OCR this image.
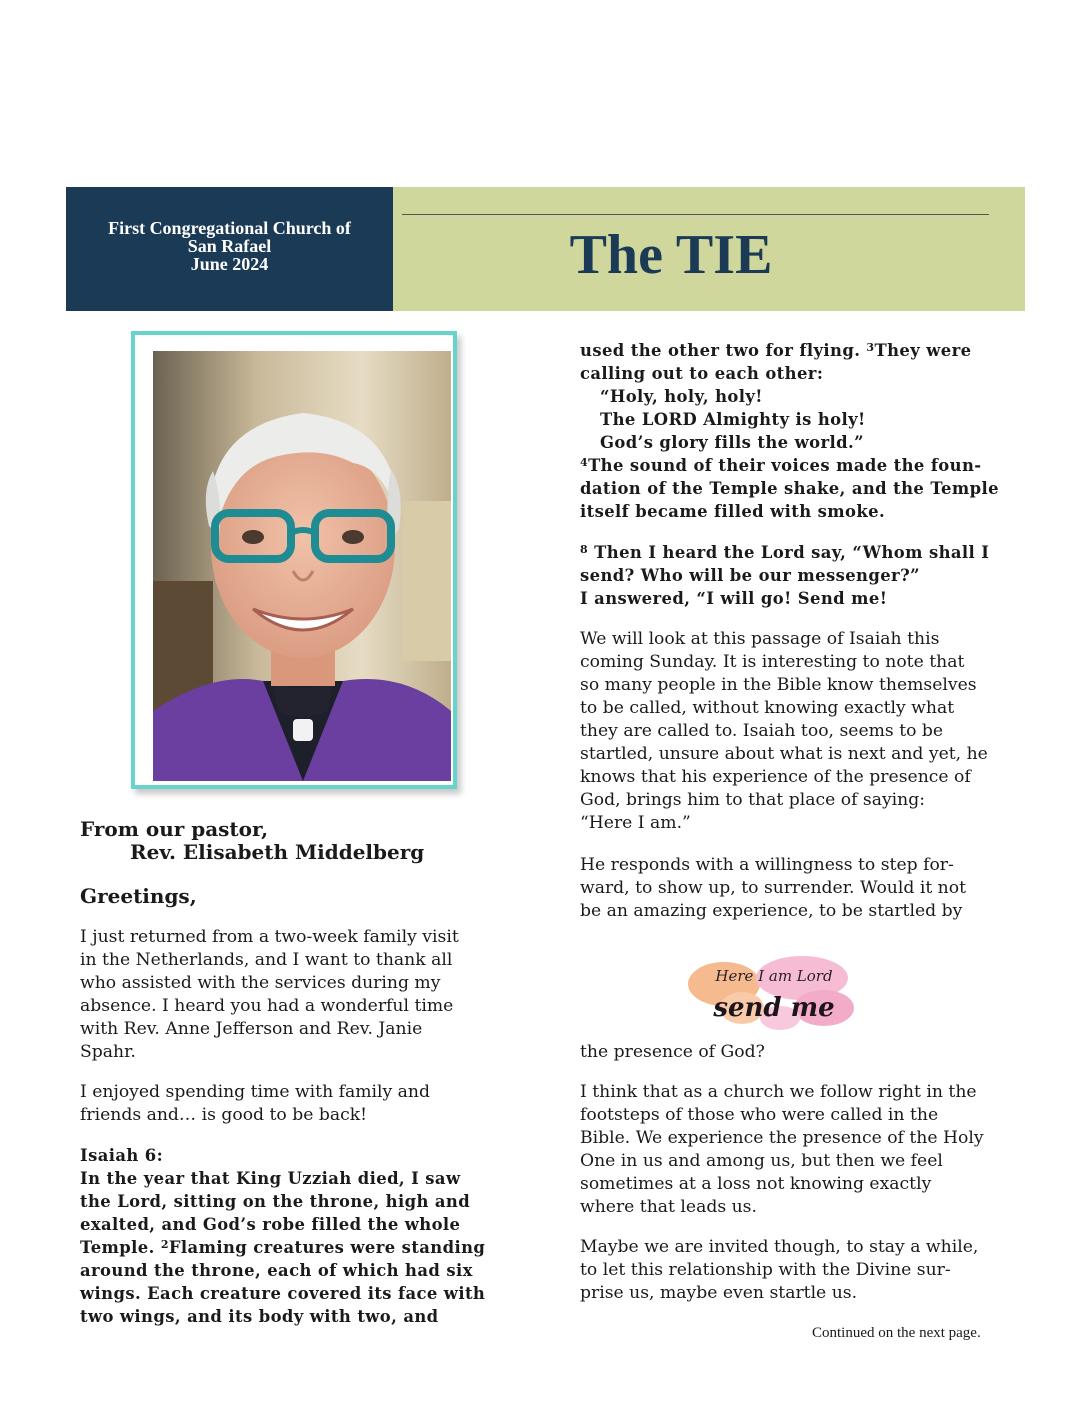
First Congregational Church of
San Rafael
June 2024	The TIE
From our pastor,
Rev. Elisabeth Middelberg
Greetings,
I just returned from a two-week family visit
in the Netherlands, and I want to thank all
who assisted with the services during my
absence. I heard you had a wonderful time
with Rev. Anne Jefferson and Rev. Janie
Spahr.
I enjoyed spending time with family and
friends and… is good to be back!
Isaiah 6:
In the year that King Uzziah died, I saw
the Lord, sitting on the throne, high and
exalted, and God’s robe filled the whole
Temple. $^2$Flaming creatures were standing
around the throne, each of which had six
wings. Each creature covered its face with
two wings, and its body with two, and
used the other two for flying. $^3$They were
calling out to each other:
“Holy, holy, holy!
The LORD Almighty is holy!
God’s glory fills the world.”
$^4$The sound of their voices made the foun-
dation of the Temple shake, and the Temple
itself became filled with smoke.
$^8$ Then I heard the Lord say, “Whom shall I
send? Who will be our messenger?”
I answered, “I will go! Send me!
We will look at this passage of Isaiah this
coming Sunday. It is interesting to note that
so many people in the Bible know themselves
to be called, without knowing exactly what
they are called to. Isaiah too, seems to be
startled, unsure about what is next and yet, he
knows that his experience of the presence of
God, brings him to that place of saying:
“Here I am.”
He responds with a willingness to step for-
ward, to show up, to surrender. Would it not
be an amazing experience, to be startled by
the presence of God?
I think that as a church we follow right in the
footsteps of those who were called in the
Bible. We experience the presence of the Holy
One in us and among us, but then we feel
sometimes at a loss not knowing exactly
where that leads us.
Maybe we are invited though, to stay a while,
to let this relationship with the Divine sur-
prise us, maybe even startle us.
Here I am Lord
send me
Continued on the next page.
